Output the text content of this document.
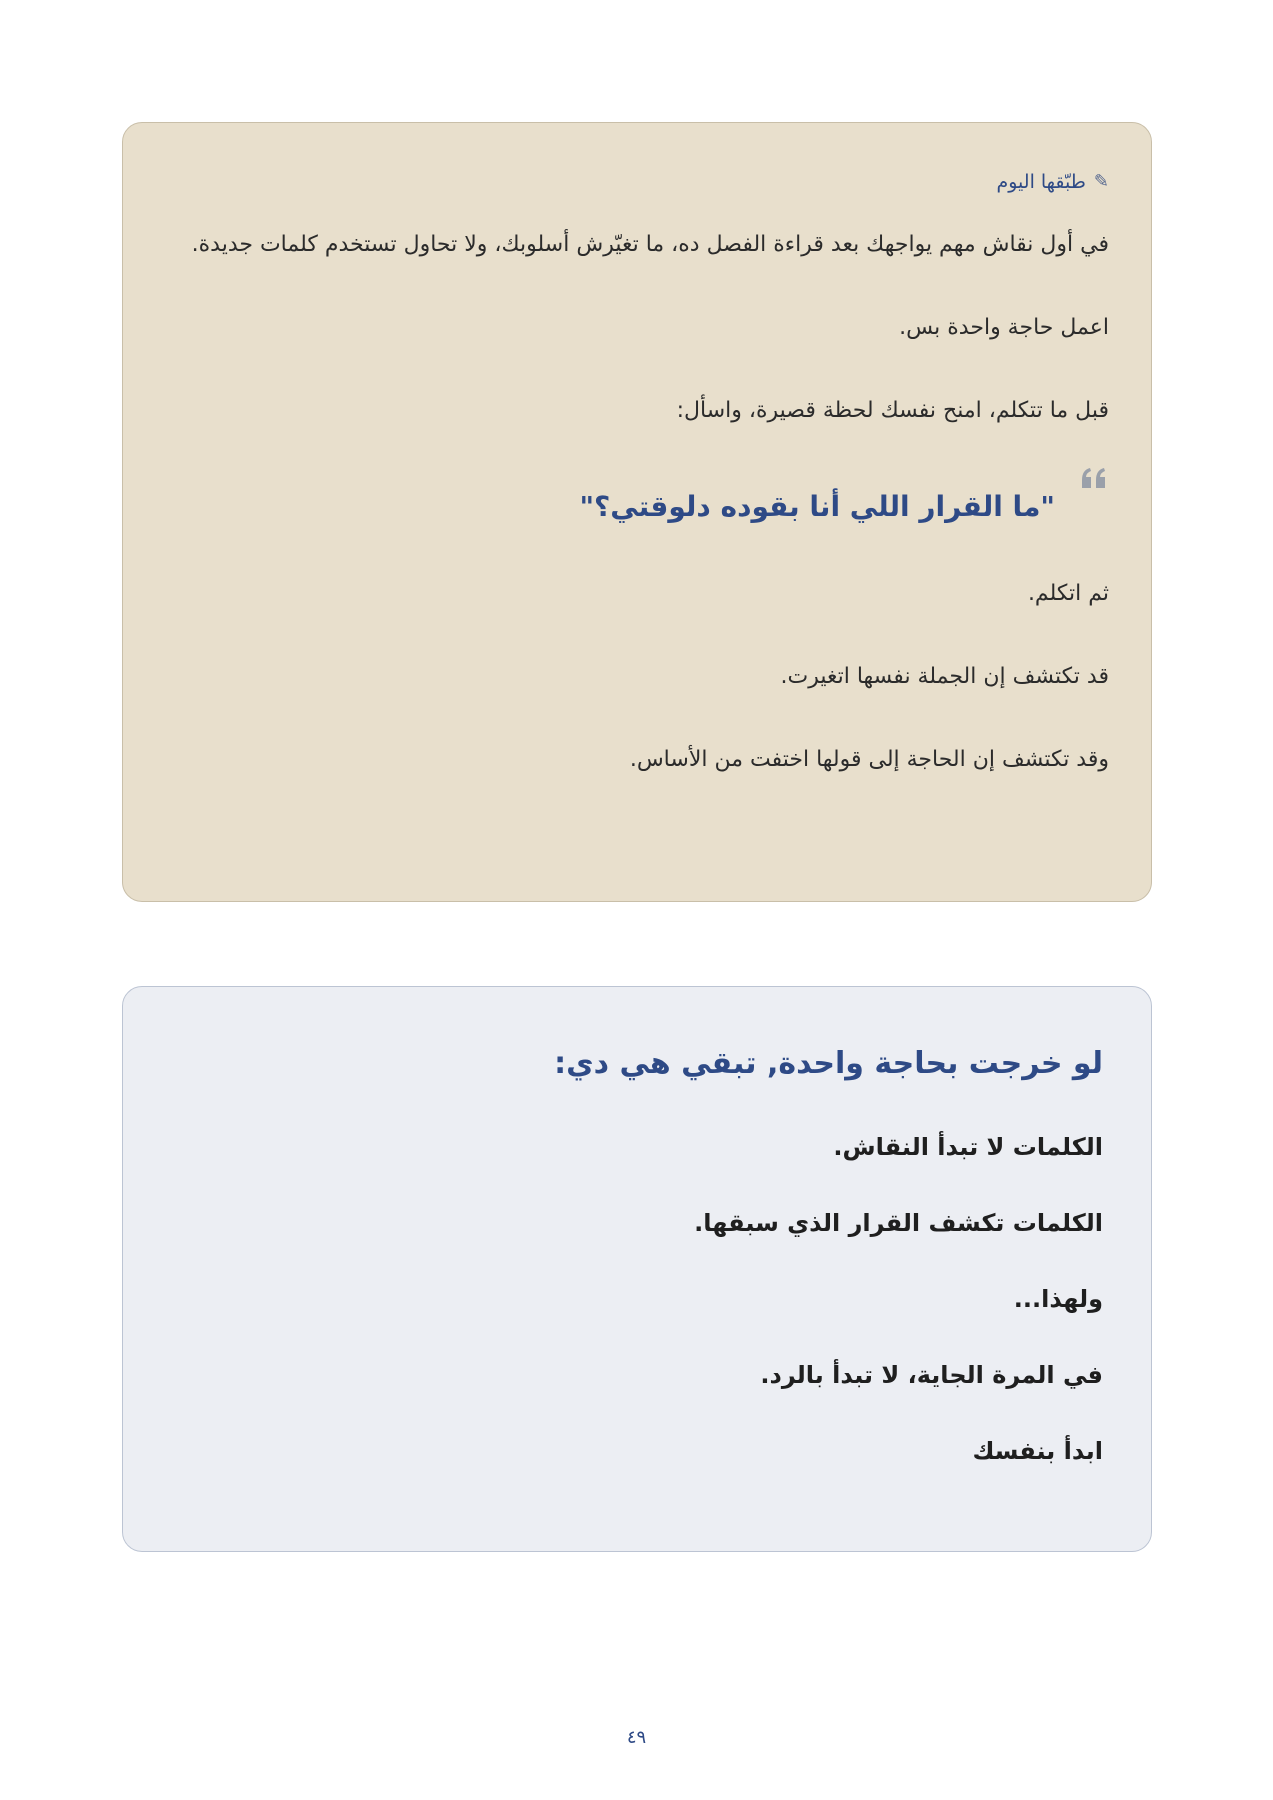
✎
طبّقها اليوم

في أول نقاش مهم يواجهك بعد قراءة الفصل ده، ما تغيّرش أسلوبك، ولا تحاول تستخدم كلمات جديدة.

اعمل حاجة واحدة بس.

قبل ما تتكلم، امنح نفسك لحظة قصيرة، واسأل:

"ما القرار اللي أنا بقوده دلوقتي؟"

ثم اتكلم.

قد تكتشف إن الجملة نفسها اتغيرت.

وقد تكتشف إن الحاجة إلى قولها اختفت من الأساس.

لو خرجت بحاجة واحدة, تبقي هي دي:

الكلمات لا تبدأ النقاش.

الكلمات تكشف القرار الذي سبقها.

ولهذا...

في المرة الجاية، لا تبدأ بالرد.

ابدأ بنفسك

٤٩
